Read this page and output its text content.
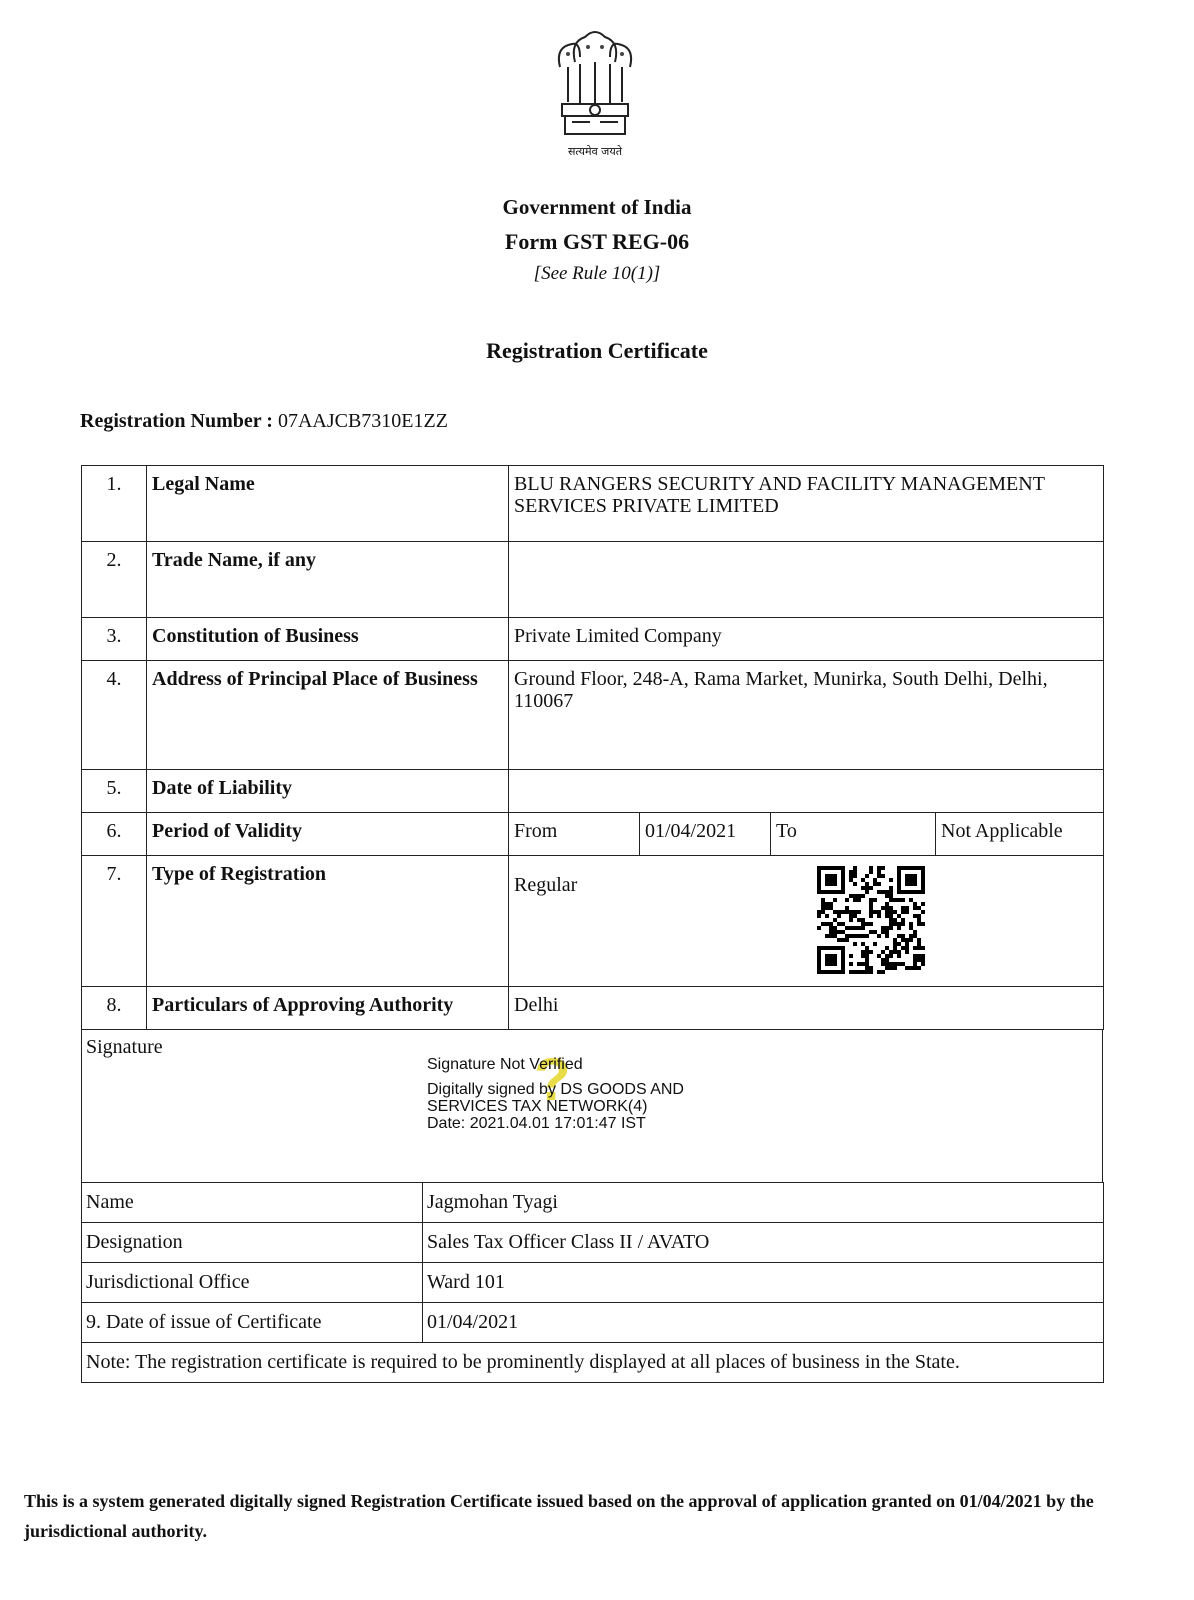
सत्यमेव जयते
Government of India
Form GST REG-06
[See Rule 10(1)]
Registration Certificate
Registration Number : 07AAJCB7310E1ZZ
1.	Legal Name	BLU RANGERS SECURITY AND FACILITY MANAGEMENT SERVICES PRIVATE LIMITED			
2.	Trade Name, if any				
3.	Constitution of Business	Private Limited Company			
4.	Address of Principal Place of Business	Ground Floor, 248-A, Rama Market, Munirka, South Delhi, Delhi, 110067			
5.	Date of Liability				
6.	Period of Validity	From	01/04/2021	To	Not Applicable
7.	Type of Registration	Regular			
8.	Particulars of Approving Authority	Delhi			
Signature	?
Signature Not Verified
Digitally signed by DS GOODS AND
SERVICES TAX NETWORK(4)
Date: 2021.04.01 17:01:47 IST
Name	Jagmohan Tyagi
Designation	Sales Tax Officer Class II / AVATO
Jurisdictional Office	Ward 101
9. Date of issue of Certificate	01/04/2021
Note: The registration certificate is required to be prominently displayed at all places of business in the State.	
This is a system generated digitally signed Registration Certificate issued based on the approval of application granted on 01/04/2021 by the jurisdictional authority.
